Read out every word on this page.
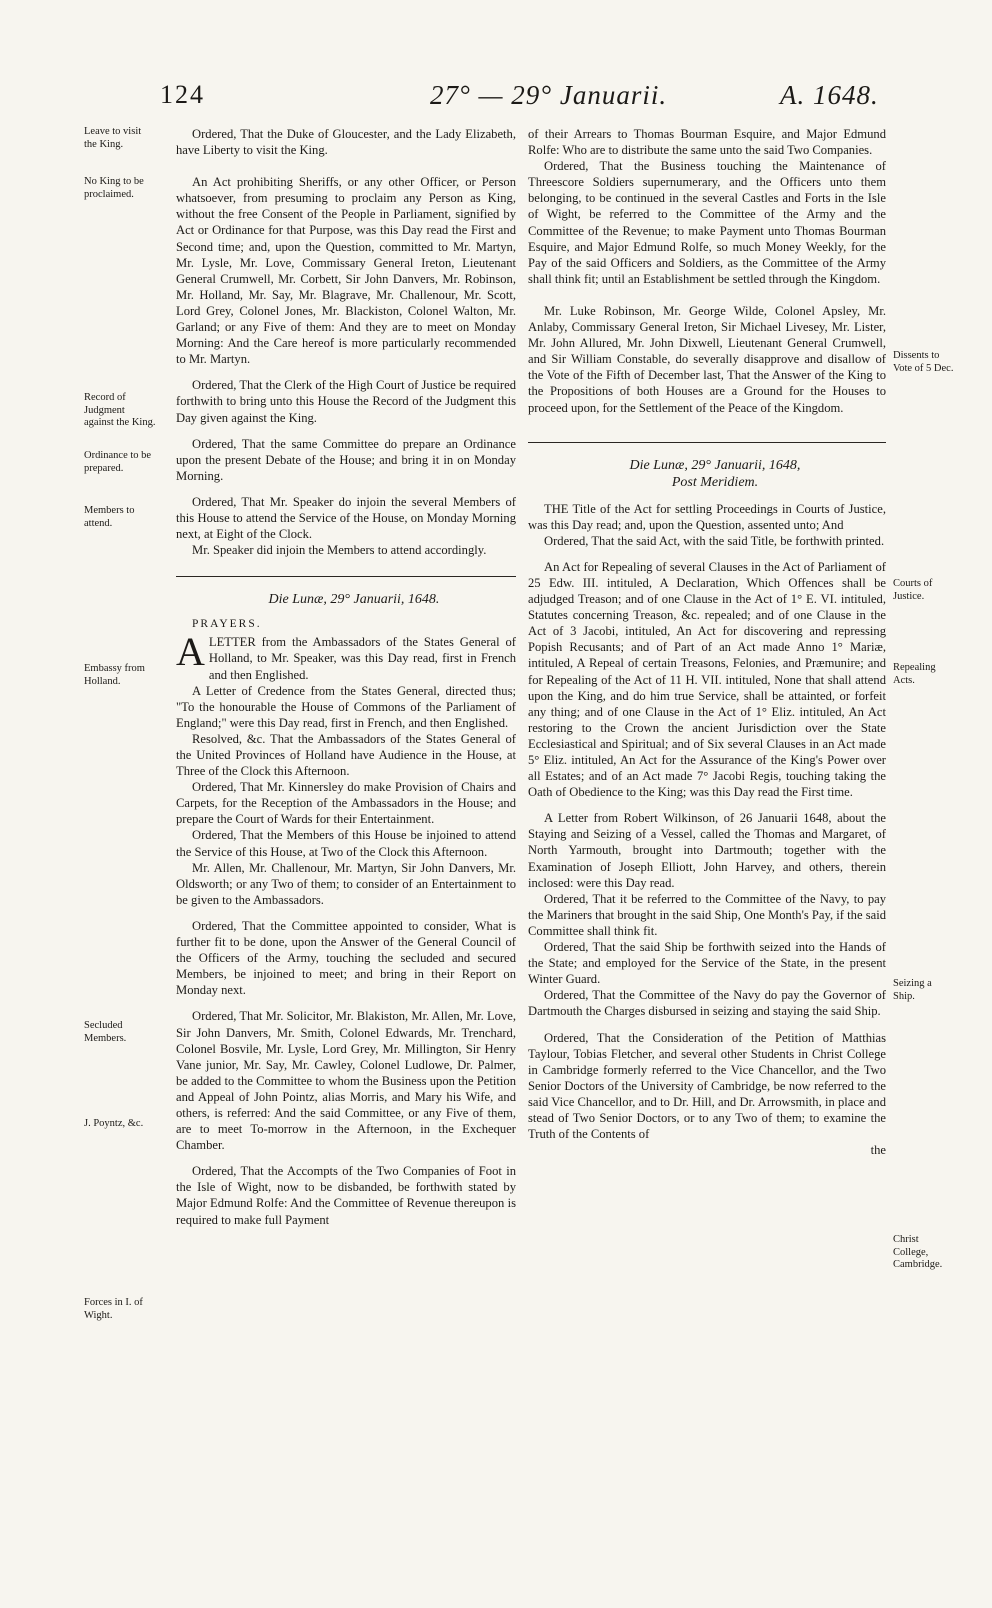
124	27° — 29° Januarii.	A. 1648.
Leave to visit the King.
No King to be proclaimed.
Record of Judgment against the King.
Ordinance to be prepared.
Members to attend.
Embassy from Holland.
Secluded Members.
J. Poyntz, &c.
Forces in I. of Wight.
Dissents to Vote of 5 Dec.
Courts of Justice.
Repealing Acts.
Seizing a Ship.
Christ College, Cambridge.

Ordered, That the Duke of Gloucester, and the Lady Elizabeth, have Liberty to visit the King.

An Act prohibiting Sheriffs, or any other Officer, or Person whatsoever, from presuming to proclaim any Person as King, without the free Consent of the People in Parliament, signified by Act or Ordinance for that Purpose, was this Day read the First and Second time; and, upon the Question, committed to Mr. Martyn, Mr. Lysle, Mr. Love, Commissary General Ireton, Lieutenant General Crumwell, Mr. Corbett, Sir John Danvers, Mr. Robinson, Mr. Holland, Mr. Say, Mr. Blagrave, Mr. Challenour, Mr. Scott, Lord Grey, Colonel Jones, Mr. Blackiston, Colonel Walton, Mr. Garland; or any Five of them: And they are to meet on Monday Morning: And the Care hereof is more particularly recommended to Mr. Martyn.

Ordered, That the Clerk of the High Court of Justice be required forthwith to bring unto this House the Record of the Judgment this Day given against the King.

Ordered, That the same Committee do prepare an Ordinance upon the present Debate of the House; and bring it in on Monday Morning.

Ordered, That Mr. Speaker do injoin the several Members of this House to attend the Service of the House, on Monday Morning next, at Eight of the Clock.

Mr. Speaker did injoin the Members to attend accordingly.

Die Lunæ, 29° Januarii, 1648.

PRAYERS.

ALETTER from the Ambassadors of the States General of Holland, to Mr. Speaker, was this Day read, first in French and then Englished.

A Letter of Credence from the States General, directed thus; "To the honourable the House of Commons of the Parliament of England;" were this Day read, first in French, and then Englished.

Resolved, &c. That the Ambassadors of the States General of the United Provinces of Holland have Audience in the House, at Three of the Clock this Afternoon.

Ordered, That Mr. Kinnersley do make Provision of Chairs and Carpets, for the Reception of the Ambassadors in the House; and prepare the Court of Wards for their Entertainment.

Ordered, That the Members of this House be injoined to attend the Service of this House, at Two of the Clock this Afternoon.

Mr. Allen, Mr. Challenour, Mr. Martyn, Sir John Danvers, Mr. Oldsworth; or any Two of them; to consider of an Entertainment to be given to the Ambassadors.

Ordered, That the Committee appointed to consider, What is further fit to be done, upon the Answer of the General Council of the Officers of the Army, touching the secluded and secured Members, be injoined to meet; and bring in their Report on Monday next.

Ordered, That Mr. Solicitor, Mr. Blakiston, Mr. Allen, Mr. Love, Sir John Danvers, Mr. Smith, Colonel Edwards, Mr. Trenchard, Colonel Bosvile, Mr. Lysle, Lord Grey, Mr. Millington, Sir Henry Vane junior, Mr. Say, Mr. Cawley, Colonel Ludlowe, Dr. Palmer, be added to the Committee to whom the Business upon the Petition and Appeal of John Pointz, alias Morris, and Mary his Wife, and others, is referred: And the said Committee, or any Five of them, are to meet To-morrow in the Afternoon, in the Exchequer Chamber.

Ordered, That the Accompts of the Two Companies of Foot in the Isle of Wight, now to be disbanded, be forthwith stated by Major Edmund Rolfe: And the Committee of Revenue thereupon is required to make full Payment

of their Arrears to Thomas Bourman Esquire, and Major Edmund Rolfe: Who are to distribute the same unto the said Two Companies.

Ordered, That the Business touching the Maintenance of Threescore Soldiers supernumerary, and the Officers unto them belonging, to be continued in the several Castles and Forts in the Isle of Wight, be referred to the Committee of the Army and the Committee of the Revenue; to make Payment unto Thomas Bourman Esquire, and Major Edmund Rolfe, so much Money Weekly, for the Pay of the said Officers and Soldiers, as the Committee of the Army shall think fit; until an Establishment be settled through the Kingdom.

Mr. Luke Robinson, Mr. George Wilde, Colonel Apsley, Mr. Anlaby, Commissary General Ireton, Sir Michael Livesey, Mr. Lister, Mr. John Allured, Mr. John Dixwell, Lieutenant General Crumwell, and Sir William Constable, do severally disapprove and disallow of the Vote of the Fifth of December last, That the Answer of the King to the Propositions of both Houses are a Ground for the Houses to proceed upon, for the Settlement of the Peace of the Kingdom.

Die Lunæ, 29° Januarii, 1648,

Post Meridiem.

THE Title of the Act for settling Proceedings in Courts of Justice, was this Day read; and, upon the Question, assented unto; And

Ordered, That the said Act, with the said Title, be forthwith printed.

An Act for Repealing of several Clauses in the Act of Parliament of 25 Edw. III. intituled, A Declaration, Which Offences shall be adjudged Treason; and of one Clause in the Act of 1° E. VI. intituled, Statutes concerning Treason, &c. repealed; and of one Clause in the Act of 3 Jacobi, intituled, An Act for discovering and repressing Popish Recusants; and of Part of an Act made Anno 1° Mariæ, intituled, A Repeal of certain Treasons, Felonies, and Præmunire; and for Repealing of the Act of 11 H. VII. intituled, None that shall attend upon the King, and do him true Service, shall be attainted, or forfeit any thing; and of one Clause in the Act of 1° Eliz. intituled, An Act restoring to the Crown the ancient Jurisdiction over the State Ecclesiastical and Spiritual; and of Six several Clauses in an Act made 5° Eliz. intituled, An Act for the Assurance of the King's Power over all Estates; and of an Act made 7° Jacobi Regis, touching taking the Oath of Obedience to the King; was this Day read the First time.

A Letter from Robert Wilkinson, of 26 Januarii 1648, about the Staying and Seizing of a Vessel, called the Thomas and Margaret, of North Yarmouth, brought into Dartmouth; together with the Examination of Joseph Elliott, John Harvey, and others, therein inclosed: were this Day read.

Ordered, That it be referred to the Committee of the Navy, to pay the Mariners that brought in the said Ship, One Month's Pay, if the said Committee shall think fit.

Ordered, That the said Ship be forthwith seized into the Hands of the State; and employed for the Service of the State, in the present Winter Guard.

Ordered, That the Committee of the Navy do pay the Governor of Dartmouth the Charges disbursed in seizing and staying the said Ship.

Ordered, That the Consideration of the Petition of Matthias Taylour, Tobias Fletcher, and several other Students in Christ College in Cambridge formerly referred to the Vice Chancellor, and the Two Senior Doctors of the University of Cambridge, be now referred to the said Vice Chancellor, and to Dr. Hill, and Dr. Arrowsmith, in place and stead of Two Senior Doctors, or to any Two of them; to examine the Truth of the Contents of

the
